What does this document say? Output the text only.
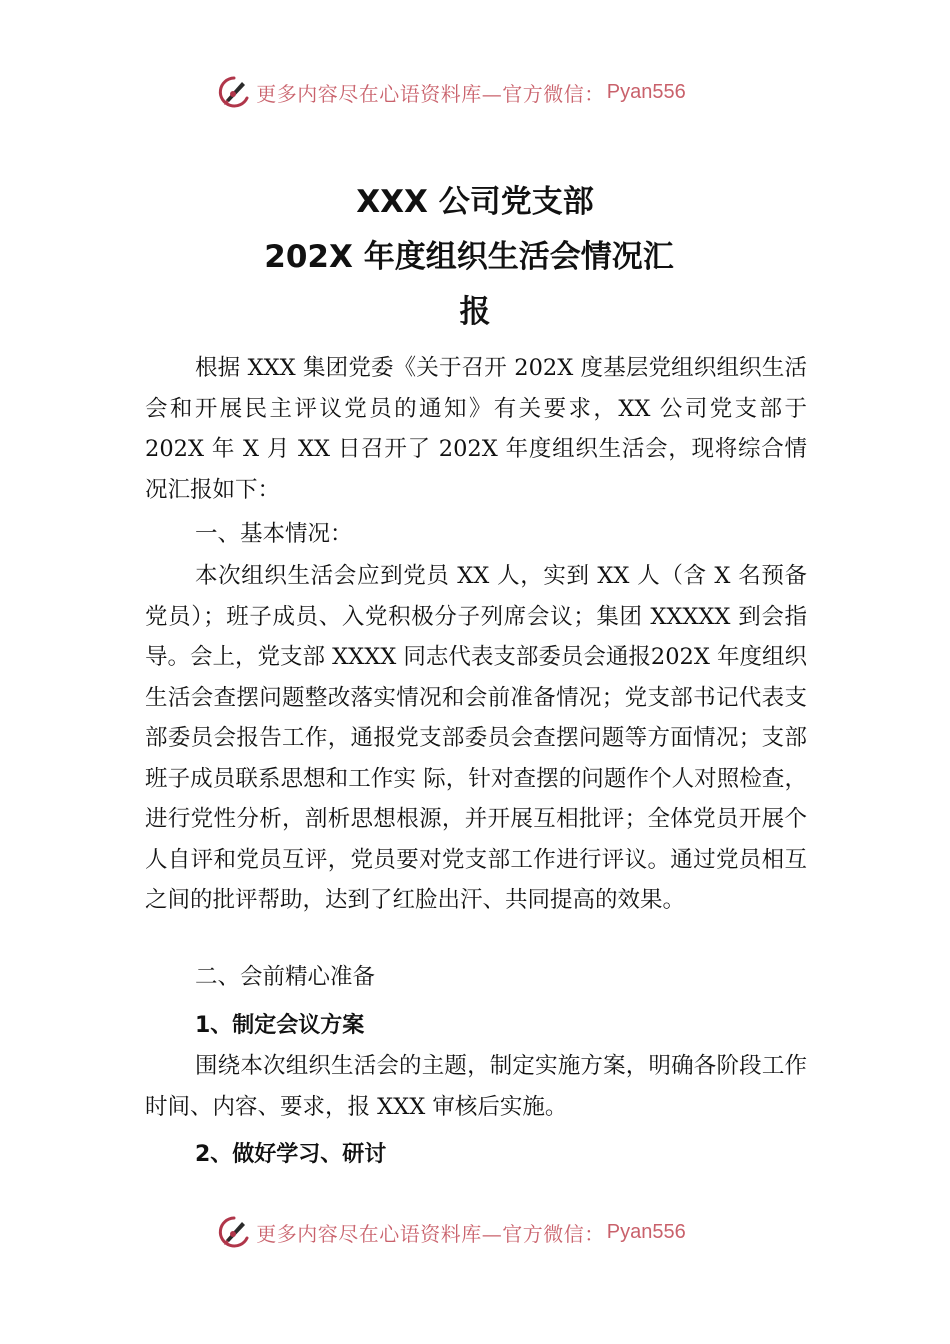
更多内容尽在心语资料库—官方微信： Pyan556
XXX 公司党支部
202X 年度组织生活会情况汇
报

根据 XXX 集团党委《关于召开 202X 度基层党组织组织生活会和开展民主评议党员的通知》有关要求，XX 公司党支部于 202X 年 X 月 XX 日召开了 202X 年度组织生活会，现将综合情况汇报如下：

一、基本情况：

本次组织生活会应到党员 XX 人，实到 XX 人（含 X 名预备党员）；班子成员、入党积极分子列席会议；集团 XXXXX 到会指导。会上，党支部 XXXX 同志代表支部委员会通报202X 年度组织生活会查摆问题整改落实情况和会前准备情况；党支部书记代表支部委员会报告工作，通报党支部委员会查摆问题等方面情况；支部班子成员联系思想和工作实 际，针对查摆的问题作个人对照检查，进行党性分析，剖析思想根源，并开展互相批评；全体党员开展个人自评和党员互评，党员要对党支部工作进行评议。通过党员相互之间的批评帮助，达到了红脸出汗、共同提高的效果。

二、会前精心准备

1、制定会议方案

围绕本次组织生活会的主题，制定实施方案，明确各阶段工作时间、内容、要求，报 XXX 审核后实施。

2、做好学习、研讨

更多内容尽在心语资料库—官方微信： Pyan556
